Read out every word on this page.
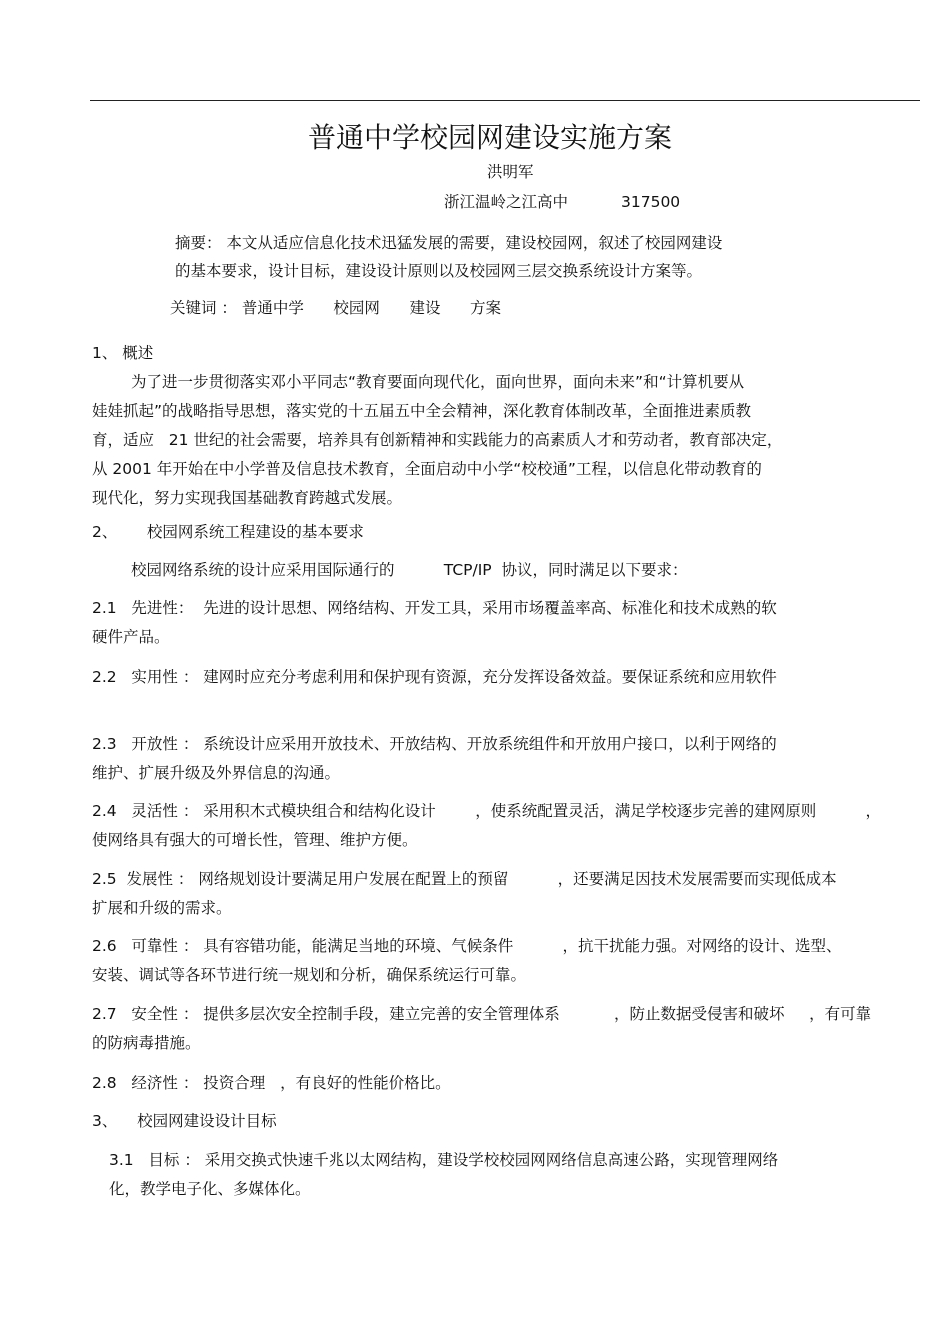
普通中学校园网建设实施方案
洪明军
浙江温岭之江高中	317500
摘要： 本文从适应信息化技术迅猛发展的需要，建设校园网，叙述了校园网建设
的基本要求，设计目标，建设设计原则以及校园网三层交换系统设计方案等。
关键词 ： 普通中学      校园网      建设      方案
1、 概述
为了进一步贯彻落实邓小平同志“教育要面向现代化，面向世界，面向未来”和“计算机要从
娃娃抓起”的战略指导思想，落实党的十五届五中全会精神，深化教育体制改革，全面推进素质教
育，适应   21 世纪的社会需要，培养具有创新精神和实践能力的高素质人才和劳动者，教育部决定，
从 2001 年开始在中小学普及信息技术教育，全面启动中小学“校校通”工程，以信息化带动教育的
现代化，努力实现我国基础教育跨越式发展。
2、      校园网系统工程建设的基本要求
校园网络系统的设计应采用国际通行的          TCP/IP  协议，同时满足以下要求：
2.1   先进性：  先进的设计思想、网络结构、开发工具，采用市场覆盖率高、标准化和技术成熟的软
硬件产品。
2.2   实用性 ： 建网时应充分考虑利用和保护现有资源，充分发挥设备效益。要保证系统和应用软件
2.3   开放性 ： 系统设计应采用开放技术、开放结构、开放系统组件和开放用户接口，以利于网络的
维护、扩展升级及外界信息的沟通。
2.4   灵活性 ： 采用积木式模块组合和结构化设计        ，使系统配置灵活，满足学校逐步完善的建网原则          ，
使网络具有强大的可增长性，管理、维护方便。
2.5  发展性 ： 网络规划设计要满足用户发展在配置上的预留          ，还要满足因技术发展需要而实现低成本
扩展和升级的需求。
2.6   可靠性 ： 具有容错功能，能满足当地的环境、气候条件          ，抗干扰能力强。对网络的设计、选型、
安装、调试等各环节进行统一规划和分析，确保系统运行可靠。
2.7   安全性 ： 提供多层次安全控制手段，建立完善的安全管理体系           ，防止数据受侵害和破坏     ，有可靠
的防病毒措施。
2.8   经济性 ： 投资合理   ，有良好的性能价格比。
3、    校园网建设设计目标
3.1   目标 ： 采用交换式快速千兆以太网结构，建设学校校园网网络信息高速公路，实现管理网络
化，教学电子化、多媒体化。
